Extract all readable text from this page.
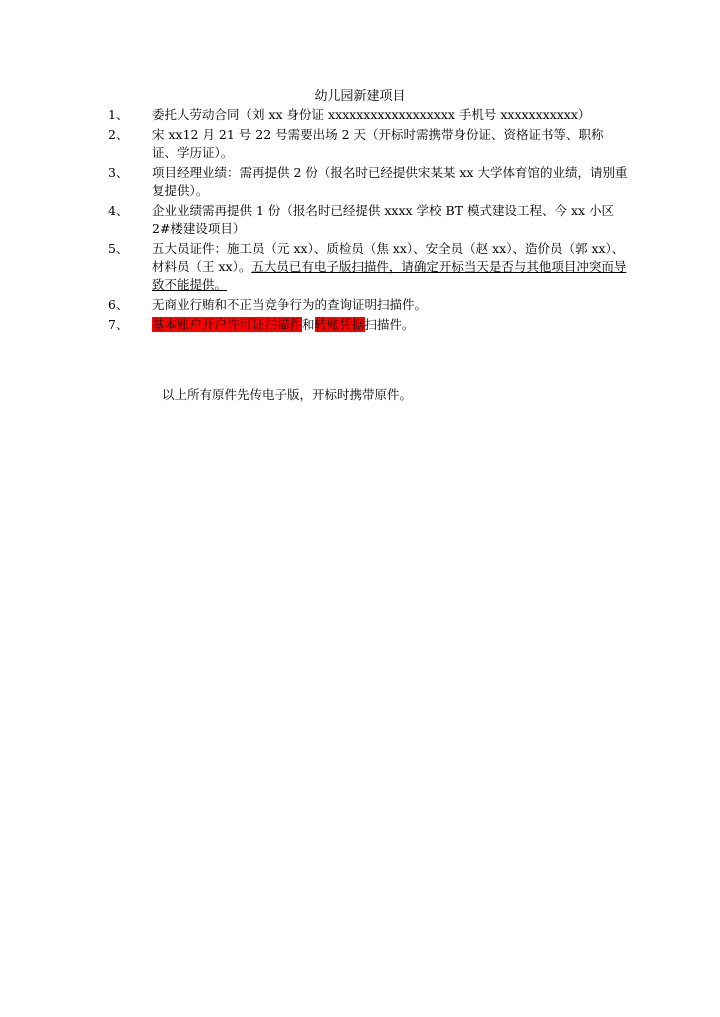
幼儿园新建项目
1、	委托人劳动合同（刘 xx 身份证 xxxxxxxxxxxxxxxxxx 手机号 xxxxxxxxxxx）
2、	宋 xx12 月 21 号 22 号需要出场 2 天（开标时需携带身份证、资格证书等、职称证、学历证）。
3、	项目经理业绩：需再提供 2 份（报名时已经提供宋某某 xx 大学体育馆的业绩，请别重复提供）。
4、	企业业绩需再提供 1 份（报名时已经提供 xxxx 学校 BT 模式建设工程、今 xx 小区 2#楼建设项目）
5、	五大员证件：施工员（元 xx）、质检员（焦 xx）、安全员（赵 xx）、造价员（郭 xx）、材料员（王 xx）。五大员已有电子版扫描件，请确定开标当天是否与其他项目冲突而导致不能提供。
6、	无商业行贿和不正当竞争行为的查询证明扫描件。
7、	基本账户开户许可证扫描件和转账凭据扫描件。
以上所有原件先传电子版，开标时携带原件。
